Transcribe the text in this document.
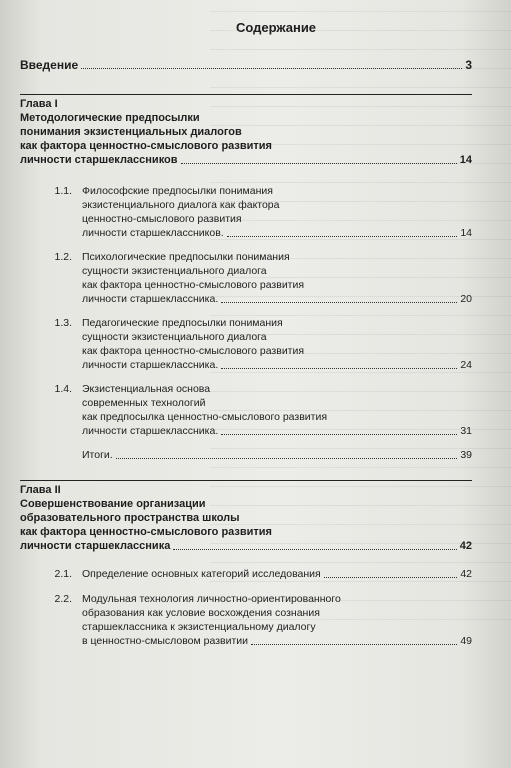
Содержание
Введение	3
Глава I
Методологические предпосылки
понимания экзистенциальных диалогов
как фактора ценностно-смыслового развития
личности старшеклассников	14
1.1. Философские предпосылки понимания
экзистенциального диалога как фактора
ценностно-смыслового развития
личности старшеклассников.	14
1.2. Психологические предпосылки понимания
сущности экзистенциального диалога
как фактора ценностно-смыслового развития
личности старшеклассника.	20
1.3. Педагогические предпосылки понимания
сущности экзистенциального диалога
как фактора ценностно-смыслового развития
личности старшеклассника.	24
1.4. Экзистенциальная основа
современных технологий
как предпосылка ценностно-смыслового развития
личности старшеклассника.	31
Итоги.	39
Глава II
Совершенствование организации
образовательного пространства школы
как фактора ценностно-смыслового развития
личности старшеклассника	42
2.1. Определение основных категорий исследования	42
2.2. Модульная технология личностно-ориентированного
образования как условие восхождения сознания
старшеклассника к экзистенциальному диалогу
в ценностно-смысловом развитии	49
